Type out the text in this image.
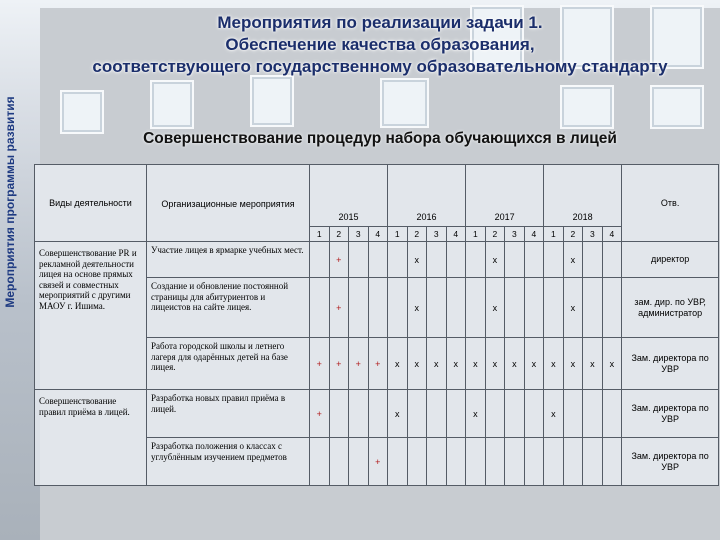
Мероприятия программы развития
Мероприятия по реализации задачи 1.
Обеспечение качества образования,
соответствующего государственному образовательному стандарту
Совершенствование процедур набора обучающихся в лицей
Виды деятельности	Организационные мероприятия	2015				2016				2017				2018				Отв.
		1	2	3	4	1	2	3	4	1	2	3	4	1	2	3	4	
Совершенствование PR и рекламной деятельности лицея на основе прямых связей и совместных мероприятий с другими МАОУ г. Ишима.	Участие лицея в ярмарке учебных мест.		+				x				x				x			директор
	Создание и обновление постоянной страницы для абитуриентов и лицеистов на сайте лицея.		+				x				x				x			зам. дир. по УВР, администратор
	Работа городской школы и летнего лагеря для одарённых детей на базе лицея.	+	+	+	+	x	x	x	x	x	x	x	x	x	x	x	x	Зам. директора по УВР
Совершенствование правил приёма в лицей.	Разработка новых правил приёма в лицей.	+				x				x				x				Зам. директора по УВР
	Разработка положения о классах с углублённым изучением предметов				+													Зам. директора по УВР
